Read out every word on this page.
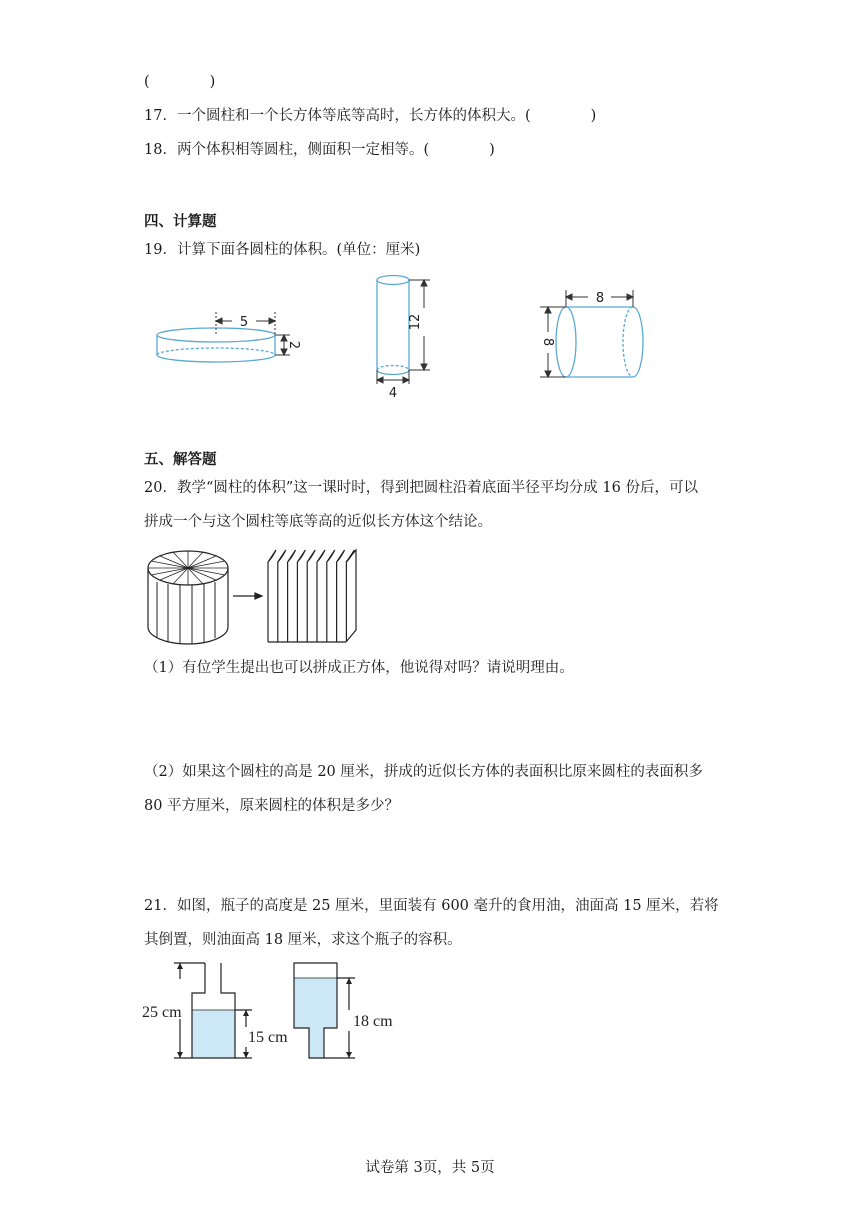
(	)
17．一个圆柱和一个长方体等底等高时，长方体的体积大。(	)
18．两个体积相等圆柱，侧面积一定相等。(	)
四、计算题
19．计算下面各圆柱的体积。(单位：厘米)
5
2
12
4
8
8
五、解答题
20．教学“圆柱的体积”这一课时时，得到把圆柱沿着底面半径平均分成 16 份后，可以
拼成一个与这个圆柱等底等高的近似长方体这个结论。
（1）有位学生提出也可以拼成正方体，他说得对吗？请说明理由。
（2）如果这个圆柱的高是 20 厘米，拼成的近似长方体的表面积比原来圆柱的表面积多
80 平方厘米，原来圆柱的体积是多少？
21．如图，瓶子的高度是 25 厘米，里面装有 600 毫升的食用油，油面高 15 厘米，若将
其倒置，则油面高 18 厘米，求这个瓶子的容积。
25 cm
15 cm
18 cm
试卷第 3页，共 5页
